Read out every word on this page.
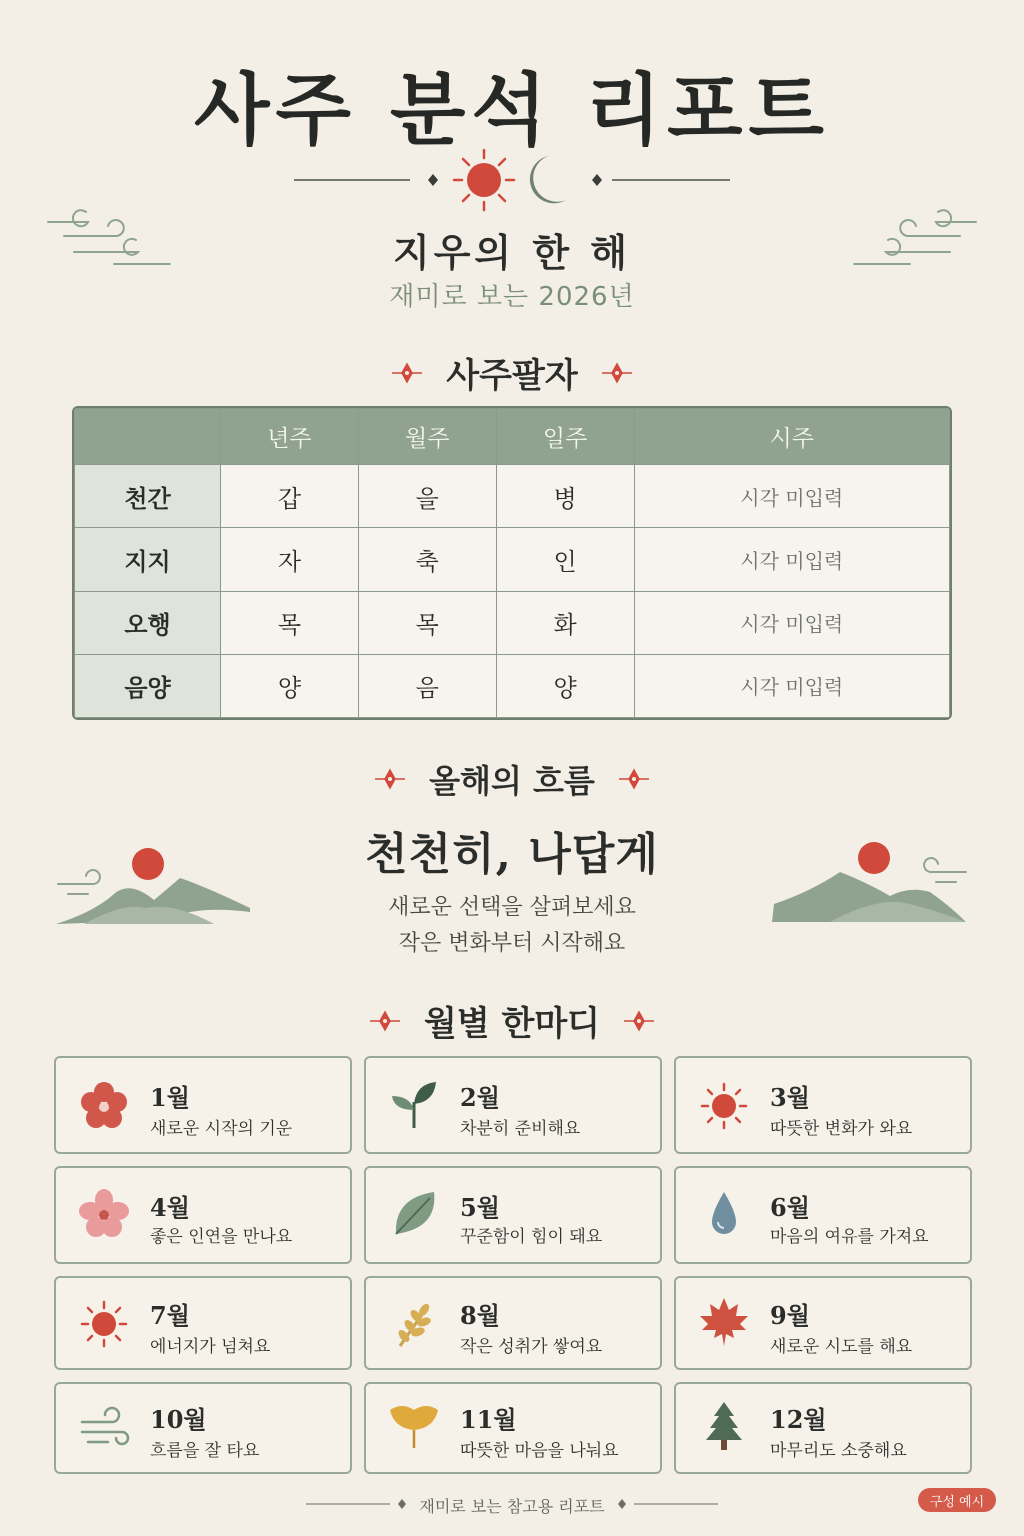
사주 분석 리포트
지우의 한 해
재미로 보는 2026년
사주팔자
	년주	월주	일주	시주
천간	갑	을	병	시각 미입력
지지	자	축	인	시각 미입력
오행	목	목	화	시각 미입력
음양	양	음	양	시각 미입력
올해의 흐름
천천히, 나답게
새로운 선택을 살펴보세요
작은 변화부터 시작해요
월별 한마디
1월
새로운 시작의 기운
2월
차분히 준비해요
3월
따뜻한 변화가 와요
4월
좋은 인연을 만나요
5월
꾸준함이 힘이 돼요
6월
마음의 여유를 가져요
7월
에너지가 넘쳐요
8월
작은 성취가 쌓여요
9월
새로운 시도를 해요
10월
흐름을 잘 타요
11월
따뜻한 마음을 나눠요
12월
마무리도 소중해요
재미로 보는 참고용 리포트	구성 예시
